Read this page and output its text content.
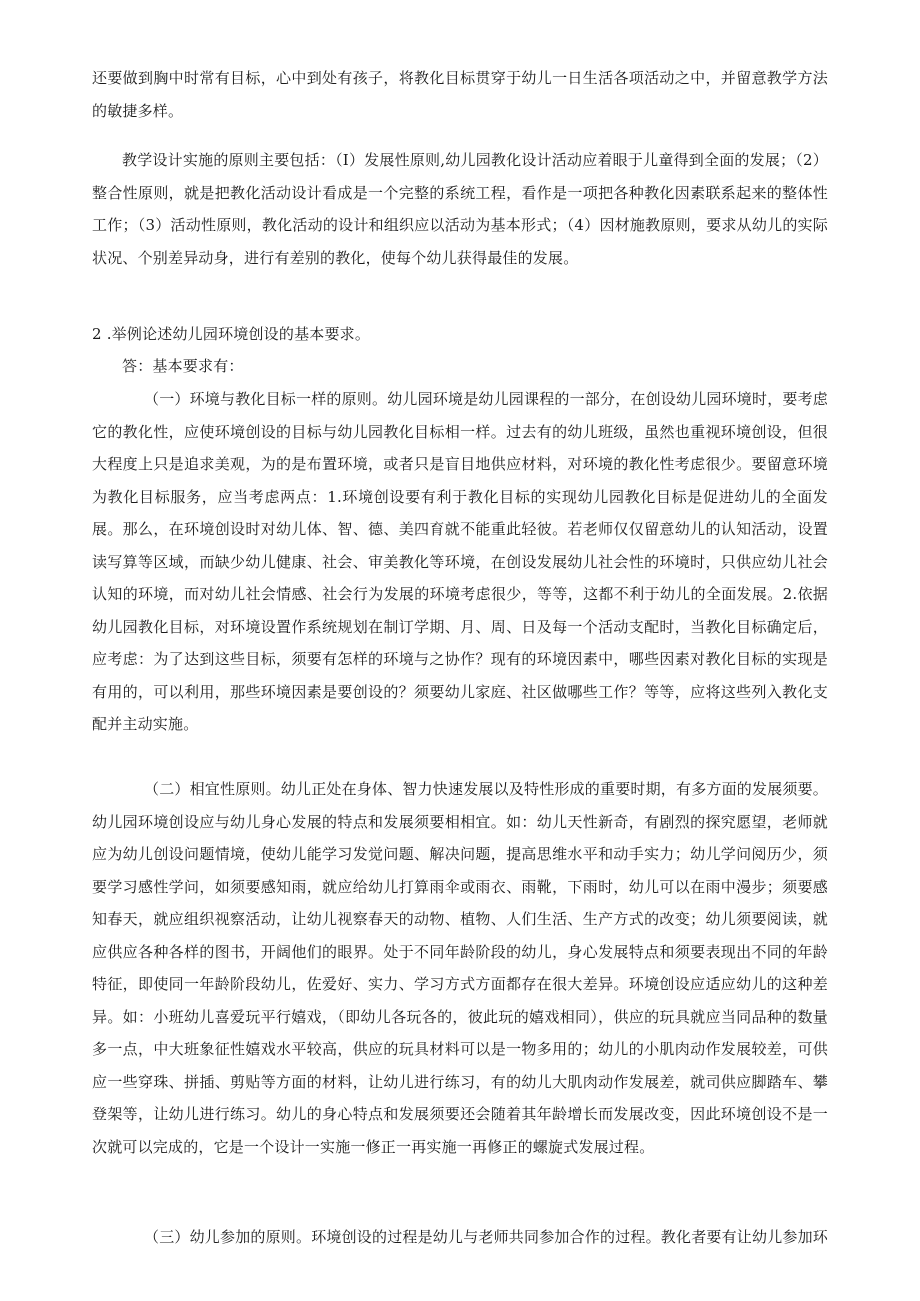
还要做到胸中时常有目标，心中到处有孩子，将教化目标贯穿于幼儿一日生活各项活动之中，并留意教学方法的敏捷多样。

教学设计实施的原则主要包括：（I）发展性原则,幼儿园教化设计活动应着眼于儿童得到全面的发展；（2）整合性原则，就是把教化活动设计看成是一个完整的系统工程，看作是一项把各种教化因素联系起来的整体性工作；（3）活动性原则，教化活动的设计和组织应以活动为基本形式；（4）因材施教原则，要求从幼儿的实际状况、个别差异动身，进行有差别的教化，使每个幼儿获得最佳的发展。

2 .举例论述幼儿园环境创设的基本要求。

答：基本要求有：

（一）环境与教化目标一样的原则。幼儿园环境是幼儿园课程的一部分，在创设幼儿园环境时，要考虑它的教化性，应使环境创设的目标与幼儿园教化目标相一样。过去有的幼儿班级，虽然也重视环境创设，但很大程度上只是追求美观，为的是布置环境，或者只是盲目地供应材料，对环境的教化性考虑很少。要留意环境为教化目标服务，应当考虑两点：1.环境创设要有利于教化目标的实现幼儿园教化目标是促进幼儿的全面发展。那么，在环境创设时对幼儿体、智、德、美四育就不能重此轻彼。若老师仅仅留意幼儿的认知活动，设置读写算等区域，而缺少幼儿健康、社会、审美教化等环境，在创设发展幼儿社会性的环境时，只供应幼儿社会认知的环境，而对幼儿社会情感、社会行为发展的环境考虑很少，等等，这都不利于幼儿的全面发展。2.依据幼儿园教化目标，对环境设置作系统规划在制订学期、月、周、日及每一个活动支配时，当教化目标确定后，应考虑：为了达到这些目标，须要有怎样的环境与之协作？现有的环境因素中，哪些因素对教化目标的实现是有用的，可以利用，那些环境因素是要创设的？须要幼儿家庭、社区做哪些工作？等等，应将这些列入教化支配并主动实施。

（二）相宜性原则。幼儿正处在身体、智力快速发展以及特性形成的重要时期，有多方面的发展须要。幼儿园环境创设应与幼儿身心发展的特点和发展须要相相宜。如：幼儿天性新奇，有剧烈的探究愿望，老师就应为幼儿创设问题情境，使幼儿能学习发觉问题、解决问题，提高思维水平和动手实力；幼儿学问阅历少，须要学习感性学问，如须要感知雨，就应给幼儿打算雨伞或雨衣、雨靴，下雨时，幼儿可以在雨中漫步；须要感知春天，就应组织视察活动，让幼儿视察春天的动物、植物、人们生活、生产方式的改变；幼儿须要阅读，就应供应各种各样的图书，开阔他们的眼界。处于不同年龄阶段的幼儿，身心发展特点和须要表现出不同的年龄特征，即使同一年龄阶段幼儿，佐爱好、实力、学习方式方面都存在很大差异。环境创设应适应幼儿的这种差异。如：小班幼儿喜爱玩平行嬉戏，（即幼儿各玩各的，彼此玩的嬉戏相同），供应的玩具就应当同品种的数量多一点，中大班象征性嬉戏水平较高，供应的玩具材料可以是一物多用的；幼儿的小肌肉动作发展较差，可供应一些穿珠、拼插、剪贴等方面的材料，让幼儿进行练习，有的幼儿大肌肉动作发展差，就司供应脚踏车、攀登架等，让幼儿进行练习。幼儿的身心特点和发展须要还会随着其年龄增长而发展改变，因此环境创设不是一次就可以完成的，它是一个设计一实施一修正一再实施一再修正的螺旋式发展过程。

（三）幼儿参加的原则。环境创设的过程是幼儿与老师共同参加合作的过程。教化者要有让幼儿参加环
